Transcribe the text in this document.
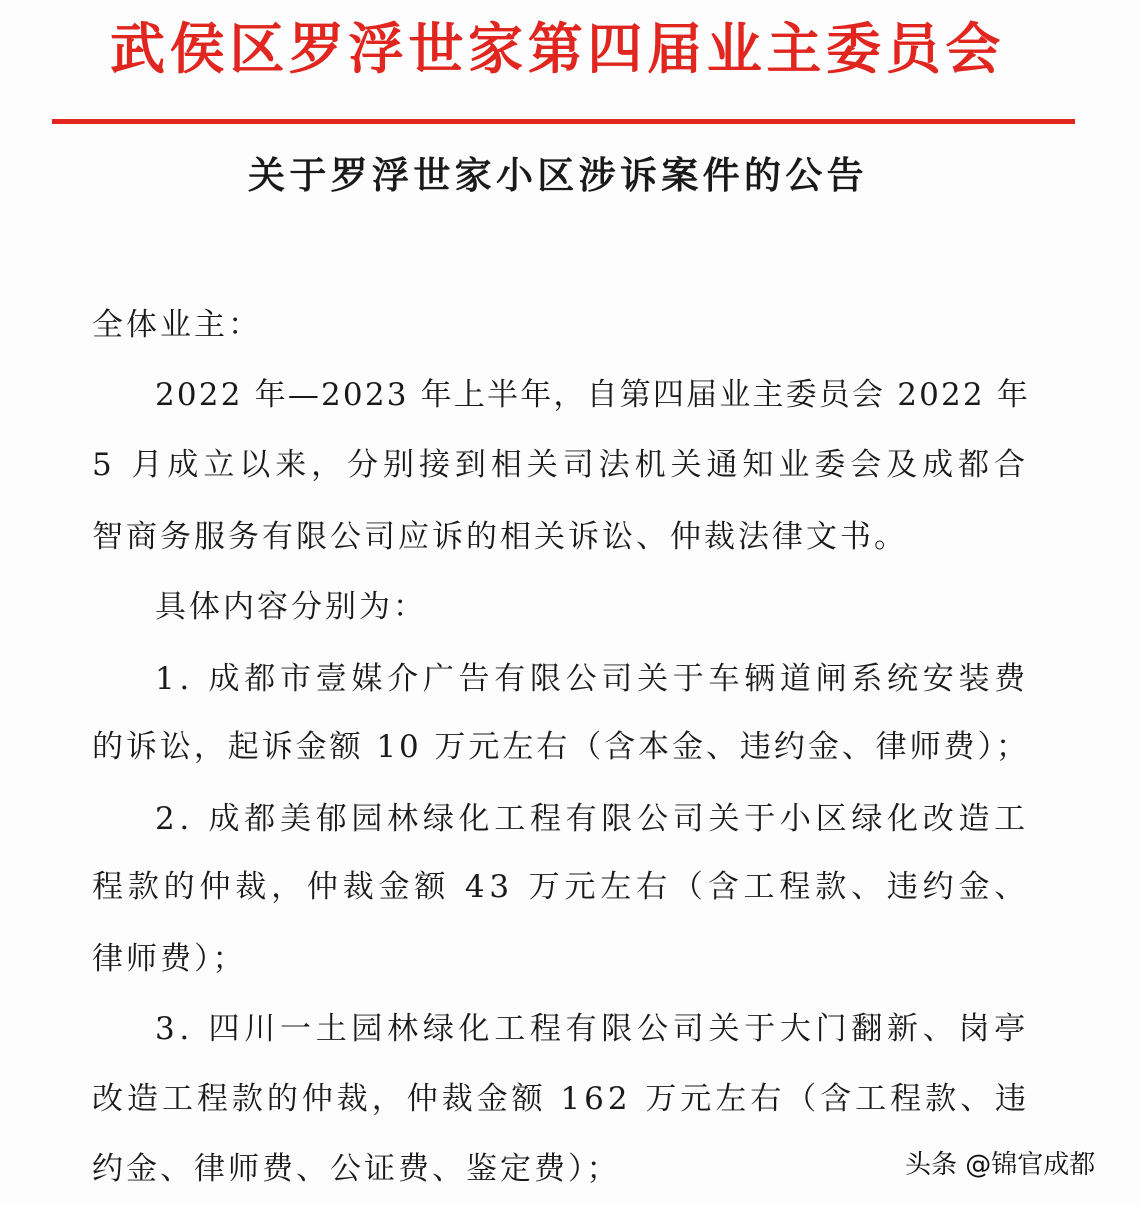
武侯区罗浮世家第四届业主委员会
关于罗浮世家小区涉诉案件的公告
全体业主：
2022 年—2023 年上半年，自第四届业主委员会 2022 年
5 月成立以来，分别接到相关司法机关通知业委会及成都合
智商务服务有限公司应诉的相关诉讼、仲裁法律文书。
具体内容分别为：
1. 成都市壹媒介广告有限公司关于车辆道闸系统安装费
的诉讼，起诉金额 10 万元左右（含本金、违约金、律师费）；
2. 成都美郁园林绿化工程有限公司关于小区绿化改造工
程款的仲裁，仲裁金额 43 万元左右（含工程款、违约金、
律师费）；
3. 四川一土园林绿化工程有限公司关于大门翻新、岗亭
改造工程款的仲裁，仲裁金额 162 万元左右（含工程款、违
约金、律师费、公证费、鉴定费）；	头条 @锦官成都
